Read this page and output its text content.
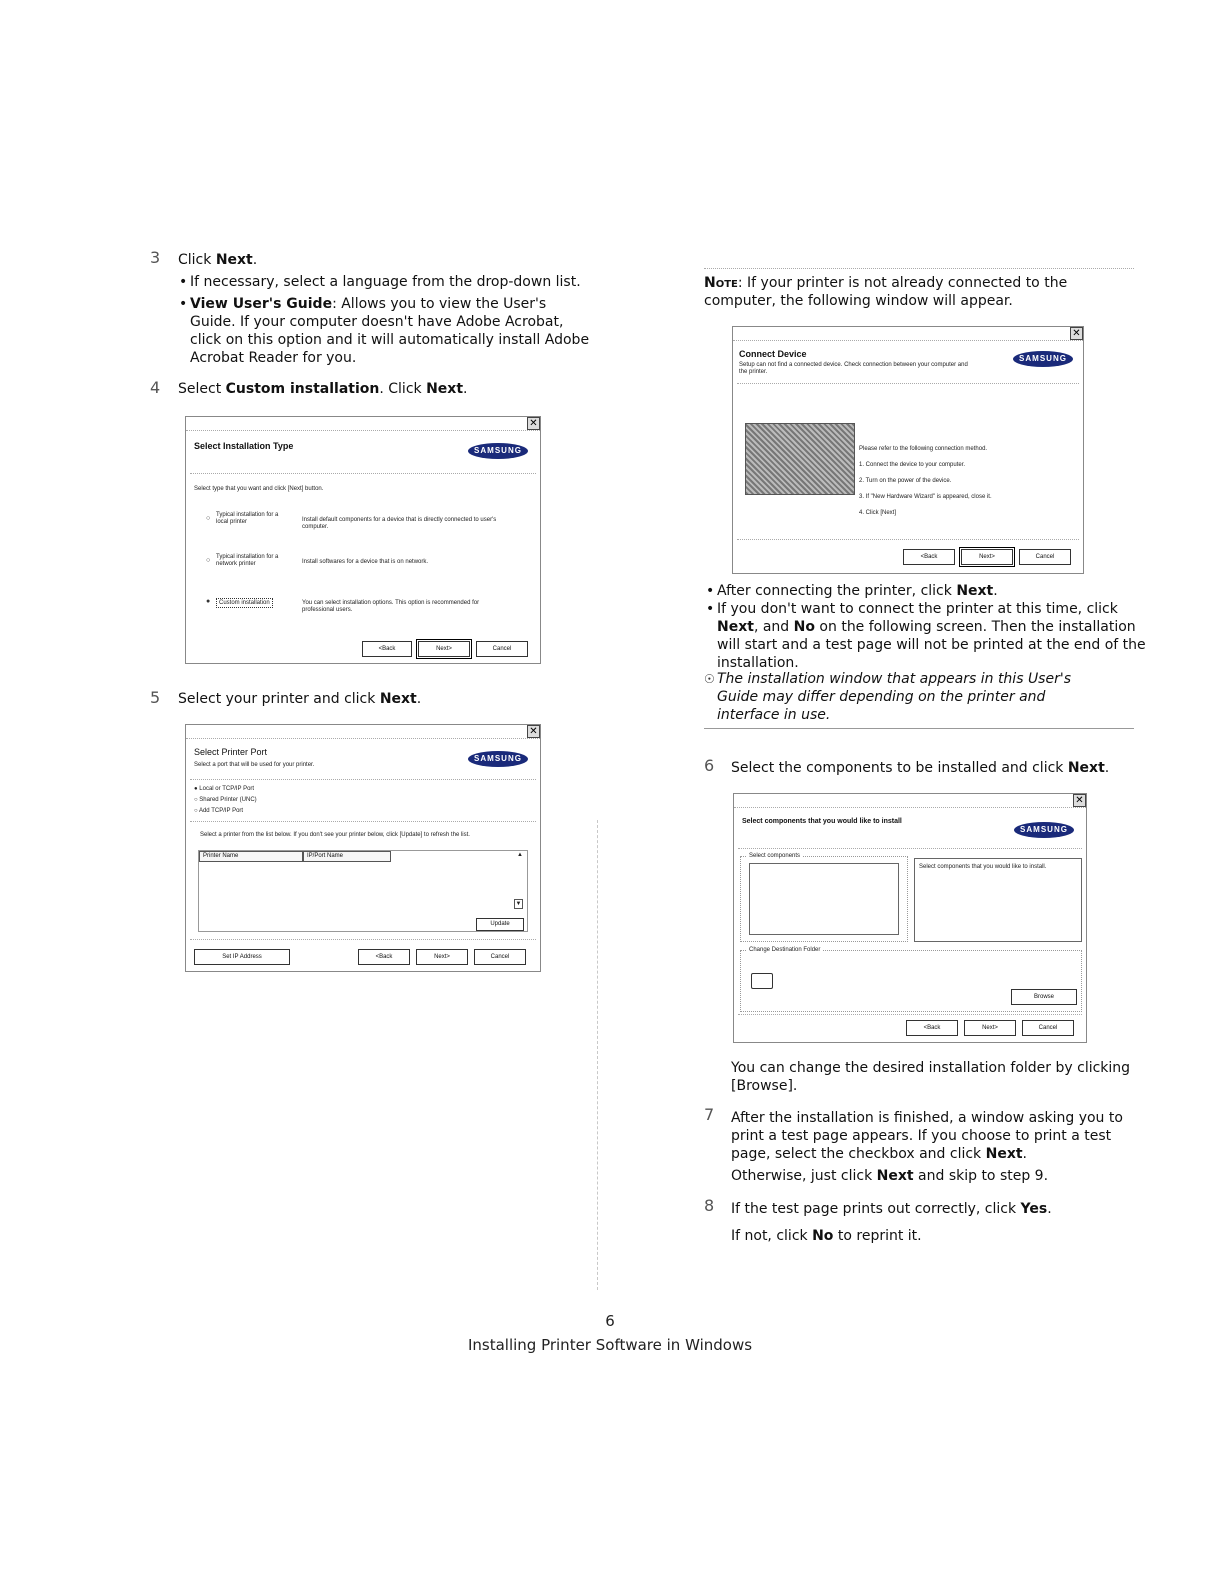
3 Click Next.
• If necessary, select a language from the drop-down list.
• View User's Guide: Allows you to view the User's
Guide. If your computer doesn't have Adobe Acrobat,
click on this option and it will automatically install Adobe
Acrobat Reader for you.
4 Select Custom installation. Click Next.
✕
Select Installation Type	SAMSUNG
Select type that you want and click [Next] button.
○ Typical installation for a
local printer	Install default components for a device that is directly connected to user's
computer.
○ Typical installation for a
network printer	Install softwares for a device that is on network.
●	Custom installation	You can select installation options. This option is recommended for
professional users.
<Back	Next>	Cancel
5 Select your printer and click Next.
✕
Select Printer Port
Select a port that will be used for your printer.
SAMSUNG
● Local or TCP/IP Port
○ Shared Printer (UNC)
○ Add TCP/IP Port
Select a printer from the list below. If you don't see your printer below, click [Update] to refresh the list.
Printer Name	IP/Port Name	▲
▼
Update
Set IP Address	<Back	Next>	Cancel
Note: If your printer is not already connected to the
computer, the following window will appear.
✕
Connect Device
Setup can not find a connected device. Check connection between your computer and
the printer.
SAMSUNG
Please refer to the following connection method.
1. Connect the device to your computer.
2. Turn on the power of the device.
3. If "New Hardware Wizard" is appeared, close it.
4. Click [Next]
<Back	Next>	Cancel
• After connecting the printer, click Next.
• If you don't want to connect the printer at this time, click
Next, and No on the following screen. Then the installation
will start and a test page will not be printed at the end of the
installation.
☉ The installation window that appears in this User's
Guide may differ depending on the printer and
interface in use.
6 Select the components to be installed and click Next.
✕
Select components that you would like to install
SAMSUNG
Select components
Select components that you would like to install.
Change Destination Folder
Browse
<Back	Next>	Cancel
You can change the desired installation folder by clicking
[Browse].
7 After the installation is finished, a window asking you to
print a test page appears. If you choose to print a test
page, select the checkbox and click Next.
Otherwise, just click Next and skip to step 9.
8 If the test page prints out correctly, click Yes.
If not, click No to reprint it.
6
Installing Printer Software in Windows
